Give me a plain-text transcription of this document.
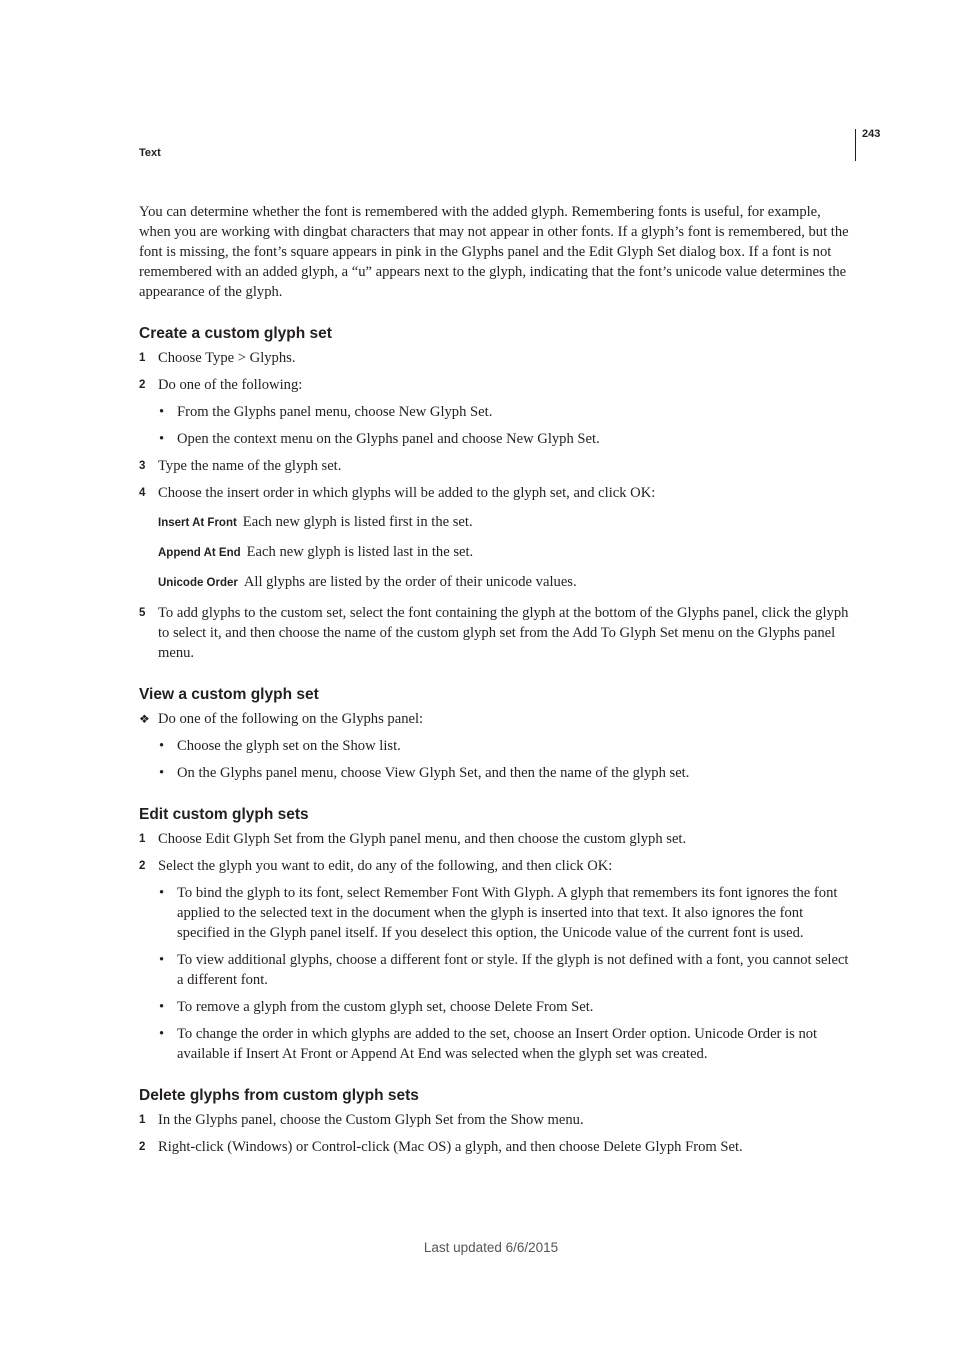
243
Text

You can determine whether the font is remembered with the added glyph. Remembering fonts is useful, for example, when you are working with dingbat characters that may not appear in other fonts. If a glyph’s font is remembered, but the font is missing, the font’s square appears in pink in the Glyphs panel and the Edit Glyph Set dialog box. If a font is not remembered with an added glyph, a “u” appears next to the glyph, indicating that the font’s unicode value determines the appearance of the glyph.

Create a custom glyph set
1 Choose Type > Glyphs.
2 Do one of the following:
• From the Glyphs panel menu, choose New Glyph Set.
• Open the context menu on the Glyphs panel and choose New Glyph Set.
3 Type the name of the glyph set.
4 Choose the insert order in which glyphs will be added to the glyph set, and click OK:
Insert At Front Each new glyph is listed first in the set.
Append At End Each new glyph is listed last in the set.
Unicode Order All glyphs are listed by the order of their unicode values.
5 To add glyphs to the custom set, select the font containing the glyph at the bottom of the Glyphs panel, click the glyph to select it, and then choose the name of the custom glyph set from the Add To Glyph Set menu on the Glyphs panel menu.
View a custom glyph set
❖ Do one of the following on the Glyphs panel:
• Choose the glyph set on the Show list.
• On the Glyphs panel menu, choose View Glyph Set, and then the name of the glyph set.
Edit custom glyph sets
1 Choose Edit Glyph Set from the Glyph panel menu, and then choose the custom glyph set.
2 Select the glyph you want to edit, do any of the following, and then click OK:
• To bind the glyph to its font, select Remember Font With Glyph. A glyph that remembers its font ignores the font applied to the selected text in the document when the glyph is inserted into that text. It also ignores the font specified in the Glyph panel itself. If you deselect this option, the Unicode value of the current font is used.
• To view additional glyphs, choose a different font or style. If the glyph is not defined with a font, you cannot select a different font.
• To remove a glyph from the custom glyph set, choose Delete From Set.
• To change the order in which glyphs are added to the set, choose an Insert Order option. Unicode Order is not available if Insert At Front or Append At End was selected when the glyph set was created.
Delete glyphs from custom glyph sets
1 In the Glyphs panel, choose the Custom Glyph Set from the Show menu.
2 Right-click (Windows) or Control-click (Mac OS) a glyph, and then choose Delete Glyph From Set.
Last updated 6/6/2015
